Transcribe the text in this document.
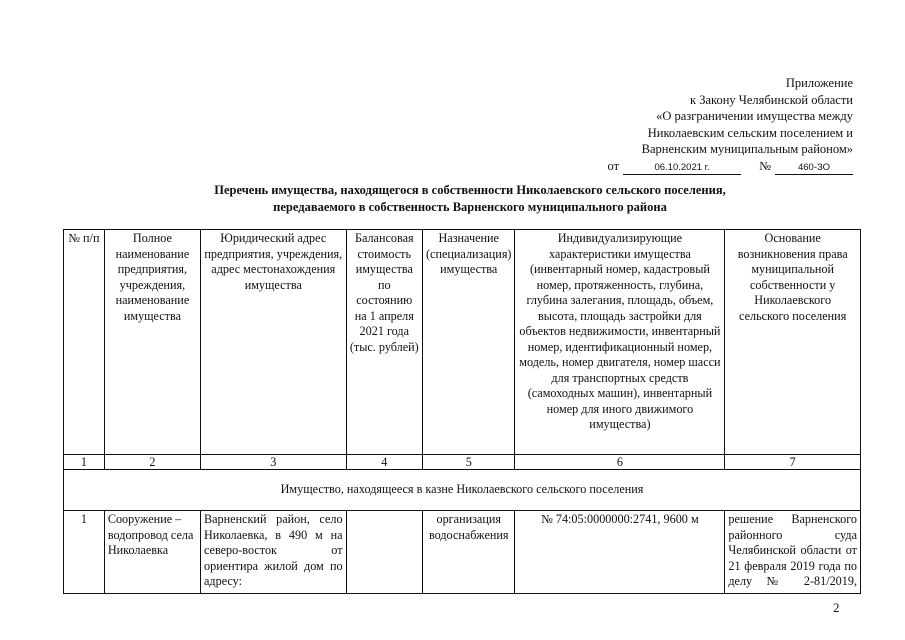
Приложение
к Закону Челябинской области
«О разграничении имущества между
Николаевским сельским поселением и
Варненским муниципальным районом»
от	06.10.2021 г.	№	460-ЗО
Перечень имущества, находящегося в собственности Николаевского сельского поселения,
передаваемого в собственность Варненского муниципального района
№ п/п	Полное наименование предприятия, учреждения, наименование имущества	Юридический адрес предприятия, учреждения, адрес местонахождения имущества	Балансовая стоимость имущества по состоянию на 1 апреля 2021 года (тыс. рублей)	Назначение (специализация) имущества	Индивидуализирующие характеристики имущества (инвентарный номер, кадастровый номер, протяженность, глубина, глубина залегания, площадь, объем, высота, площадь застройки для объектов недвижимости, инвентарный номер, идентификационный номер, модель, номер двигателя, номер шасси для транспортных средств (самоходных машин), инвентарный номер для иного движимого имущества)	Основание возникновения права муниципальной собственности у Николаевского сельского поселения
1	2	3	4	5	6	7
Имущество, находящееся в казне Николаевского сельского поселения						
1	Сооружение – водопровод села Николаевка	Варненский район, село Николаевка, в 490 м на северо-восток от ориентира жилой дом по адресу:		организация водоснабжения	№ 74:05:0000000:2741, 9600 м	решение Варненского районного суда Челябинской области от 21 февраля 2019 года по делу № 2-81/2019,
2
